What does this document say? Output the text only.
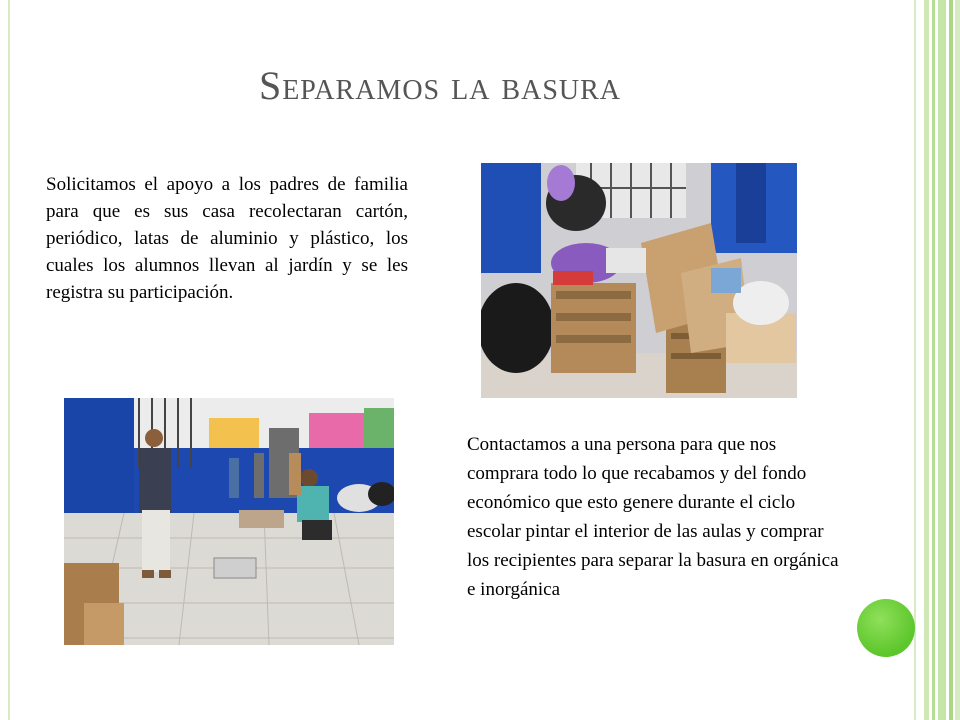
Separamos la basura

Solicitamos el apoyo a los padres de familia para que es sus casa recolectaran cartón, periódico, latas de aluminio y plástico, los cuales los alumnos llevan al jardín y se les registra su participación.

Contactamos a una persona para que nos comprara todo lo que recabamos y del fondo económico que esto genere durante el ciclo escolar pintar el interior de las aulas y comprar los recipientes para separar la basura en orgánica e inorgánica
